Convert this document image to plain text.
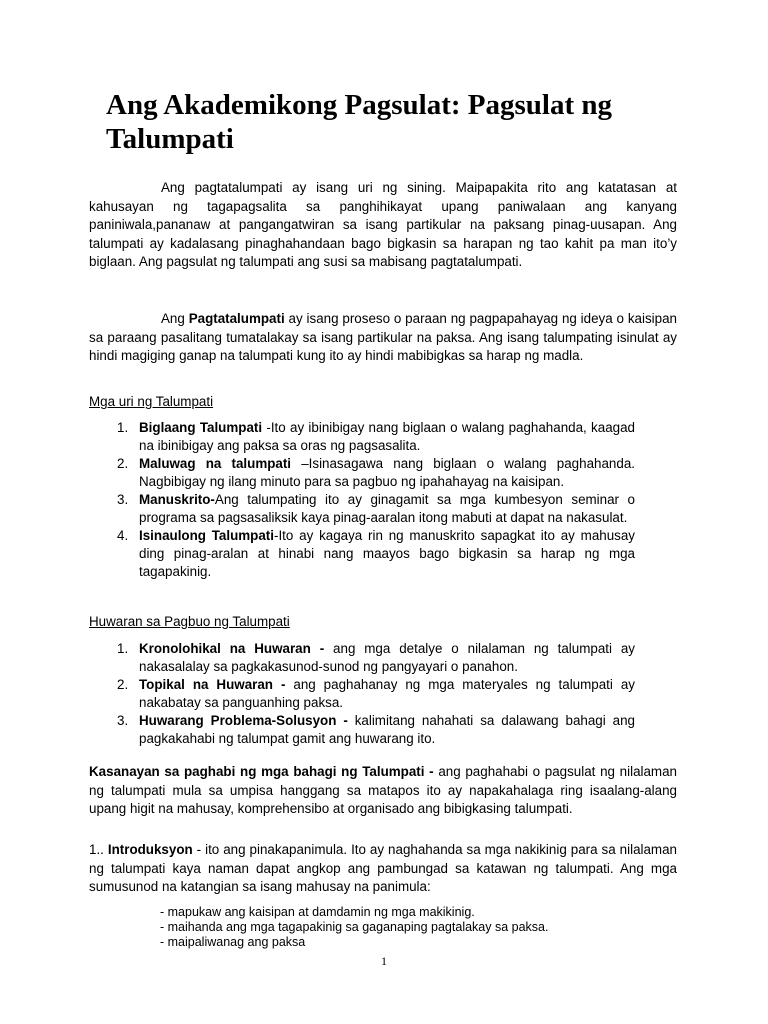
Ang Akademikong Pagsulat: Pagsulat ng Talumpati

Ang pagtatalumpati ay isang uri ng sining. Maipapakita rito ang katatasan at kahusayan ng tagapagsalita sa panghihikayat upang paniwalaan ang kanyang paniniwala,pananaw at pangangatwiran sa isang partikular na paksang pinag-uusapan. Ang talumpati ay kadalasang pinaghahandaan bago bigkasin sa harapan ng tao kahit pa man ito’y biglaan. Ang pagsulat ng talumpati ang susi sa mabisang pagtatalumpati.

Ang Pagtatalumpati ay isang proseso o paraan ng pagpapahayag ng ideya o kaisipan sa paraang pasalitang tumatalakay sa isang partikular na paksa. Ang isang talumpating isinulat ay hindi magiging ganap na talumpati kung ito ay hindi mabibigkas sa harap ng madla.

Mga uri ng Talumpati

1. Biglaang Talumpati -Ito ay ibinibigay nang biglaan o walang paghahanda, kaagad na ibinibigay ang paksa sa oras ng pagsasalita.
2. Maluwag na talumpati –Isinasagawa nang biglaan o walang paghahanda. Nagbibigay ng ilang minuto para sa pagbuo ng ipahahayag na kaisipan.
3. Manuskrito-Ang talumpating ito ay ginagamit sa mga kumbesyon seminar o programa sa pagsasaliksik kaya pinag-aaralan itong mabuti at dapat na nakasulat.
4. Isinaulong Talumpati-Ito ay kagaya rin ng manuskrito sapagkat ito ay mahusay ding pinag-aralan at hinabi nang maayos bago bigkasin sa harap ng mga tagapakinig.

Huwaran sa Pagbuo ng Talumpati

1. Kronolohikal na Huwaran - ang mga detalye o nilalaman ng talumpati ay nakasalalay sa pagkakasunod-sunod ng pangyayari o panahon.
2. Topikal na Huwaran - ang paghahanay ng mga materyales ng talumpati ay nakabatay sa panguanhing paksa.
3. Huwarang Problema-Solusyon - kalimitang nahahati sa dalawang bahagi ang pagkakahabi ng talumpat gamit ang huwarang ito.

Kasanayan sa paghabi ng mga bahagi ng Talumpati - ang paghahabi o pagsulat ng nilalaman ng talumpati mula sa umpisa hanggang sa matapos ito ay napakahalaga ring isaalang-alang upang higit na mahusay, komprehensibo at organisado ang bibigkasing talumpati.

1.. Introduksyon - ito ang pinakapanimula. Ito ay naghahanda sa mga nakikinig para sa nilalaman ng talumpati kaya naman dapat angkop ang pambungad sa katawan ng talumpati. Ang mga sumusunod na katangian sa isang mahusay na panimula:

- mapukaw ang kaisipan at damdamin ng mga makikinig.
- maihanda ang mga tagapakinig sa gaganaping pagtalakay sa paksa.
- maipaliwanag ang paksa
1
